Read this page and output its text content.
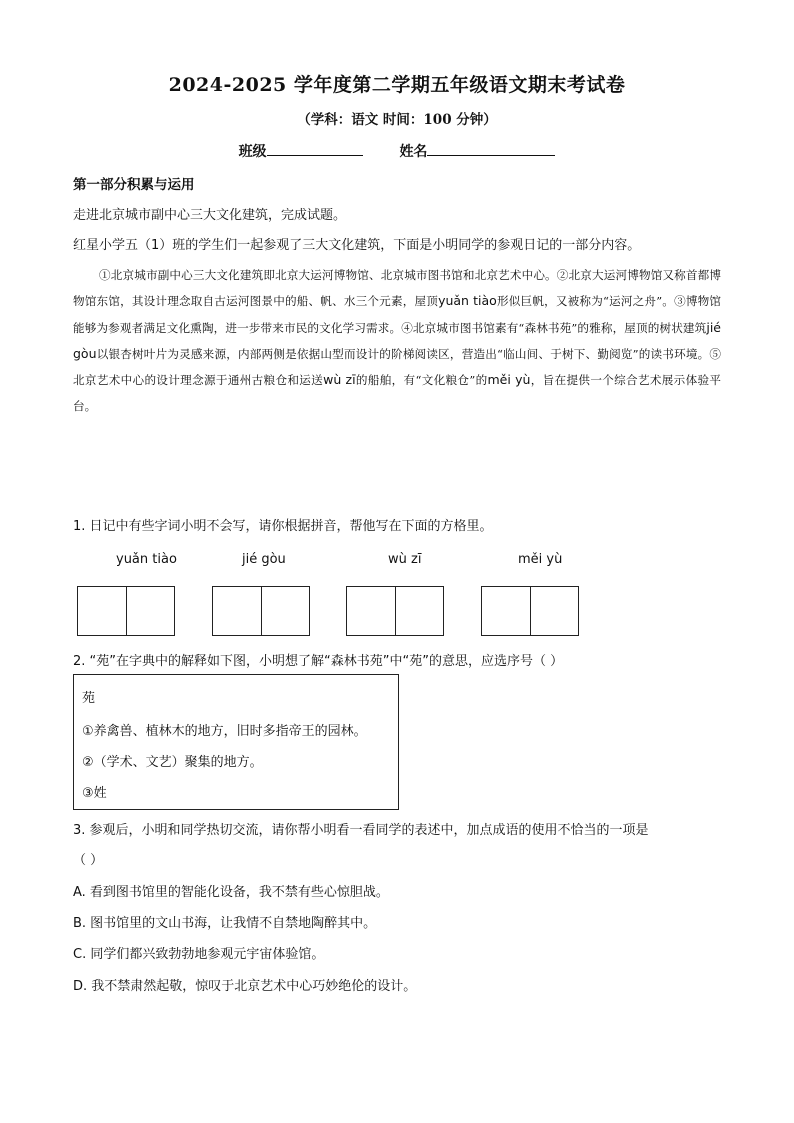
2024-2025 学年度第二学期五年级语文期末考试卷
（学科：语文 时间：100 分钟）
班级	姓名
第一部分积累与运用
走进北京城市副中心三大文化建筑，完成试题。
红星小学五（1）班的学生们一起参观了三大文化建筑，下面是小明同学的参观日记的一部分内容。
①北京城市副中心三大文化建筑即北京大运河博物馆、北京城市图书馆和北京艺术中心。②北京大运河博物馆又称首都博物馆东馆，其设计理念取自古运河图景中的船、帆、水三个元素，屋顶yuǎn tiào形似巨帆，又被称为“运河之舟”。③博物馆能够为参观者满足文化熏陶，进一步带来市民的文化学习需求。④北京城市图书馆素有“森林书苑”的雅称，屋顶的树状建筑jié gòu以银杏树叶片为灵感来源，内部两侧是依据山型而设计的阶梯阅读区，营造出“临山间、于树下、勤阅览”的读书环境。⑤北京艺术中心的设计理念源于通州古粮仓和运送wù zī的船舶，有“文化粮仓”的měi yù，旨在提供一个综合艺术展示体验平台。
1. 日记中有些字词小明不会写，请你根据拼音，帮他写在下面的方格里。
yuǎn tiào	jié gòu	wù zī	měi yù
2. “苑”在字典中的解释如下图，小明想了解“森林书苑”中“苑”的意思，应选序号（ ）
苑
①养禽兽、植林木的地方，旧时多指帝王的园林。
②（学术、文艺）聚集的地方。
③姓
3. 参观后，小明和同学热切交流，请你帮小明看一看同学的表述中，加点成语的使用不恰当的一项是
（ ）
A. 看到图书馆里的智能化设备，我不禁有些心惊胆战。
B. 图书馆里的文山书海，让我情不自禁地陶醉其中。
C. 同学们都兴致勃勃地参观元宇宙体验馆。
D. 我不禁肃然起敬，惊叹于北京艺术中心巧妙绝伦的设计。
